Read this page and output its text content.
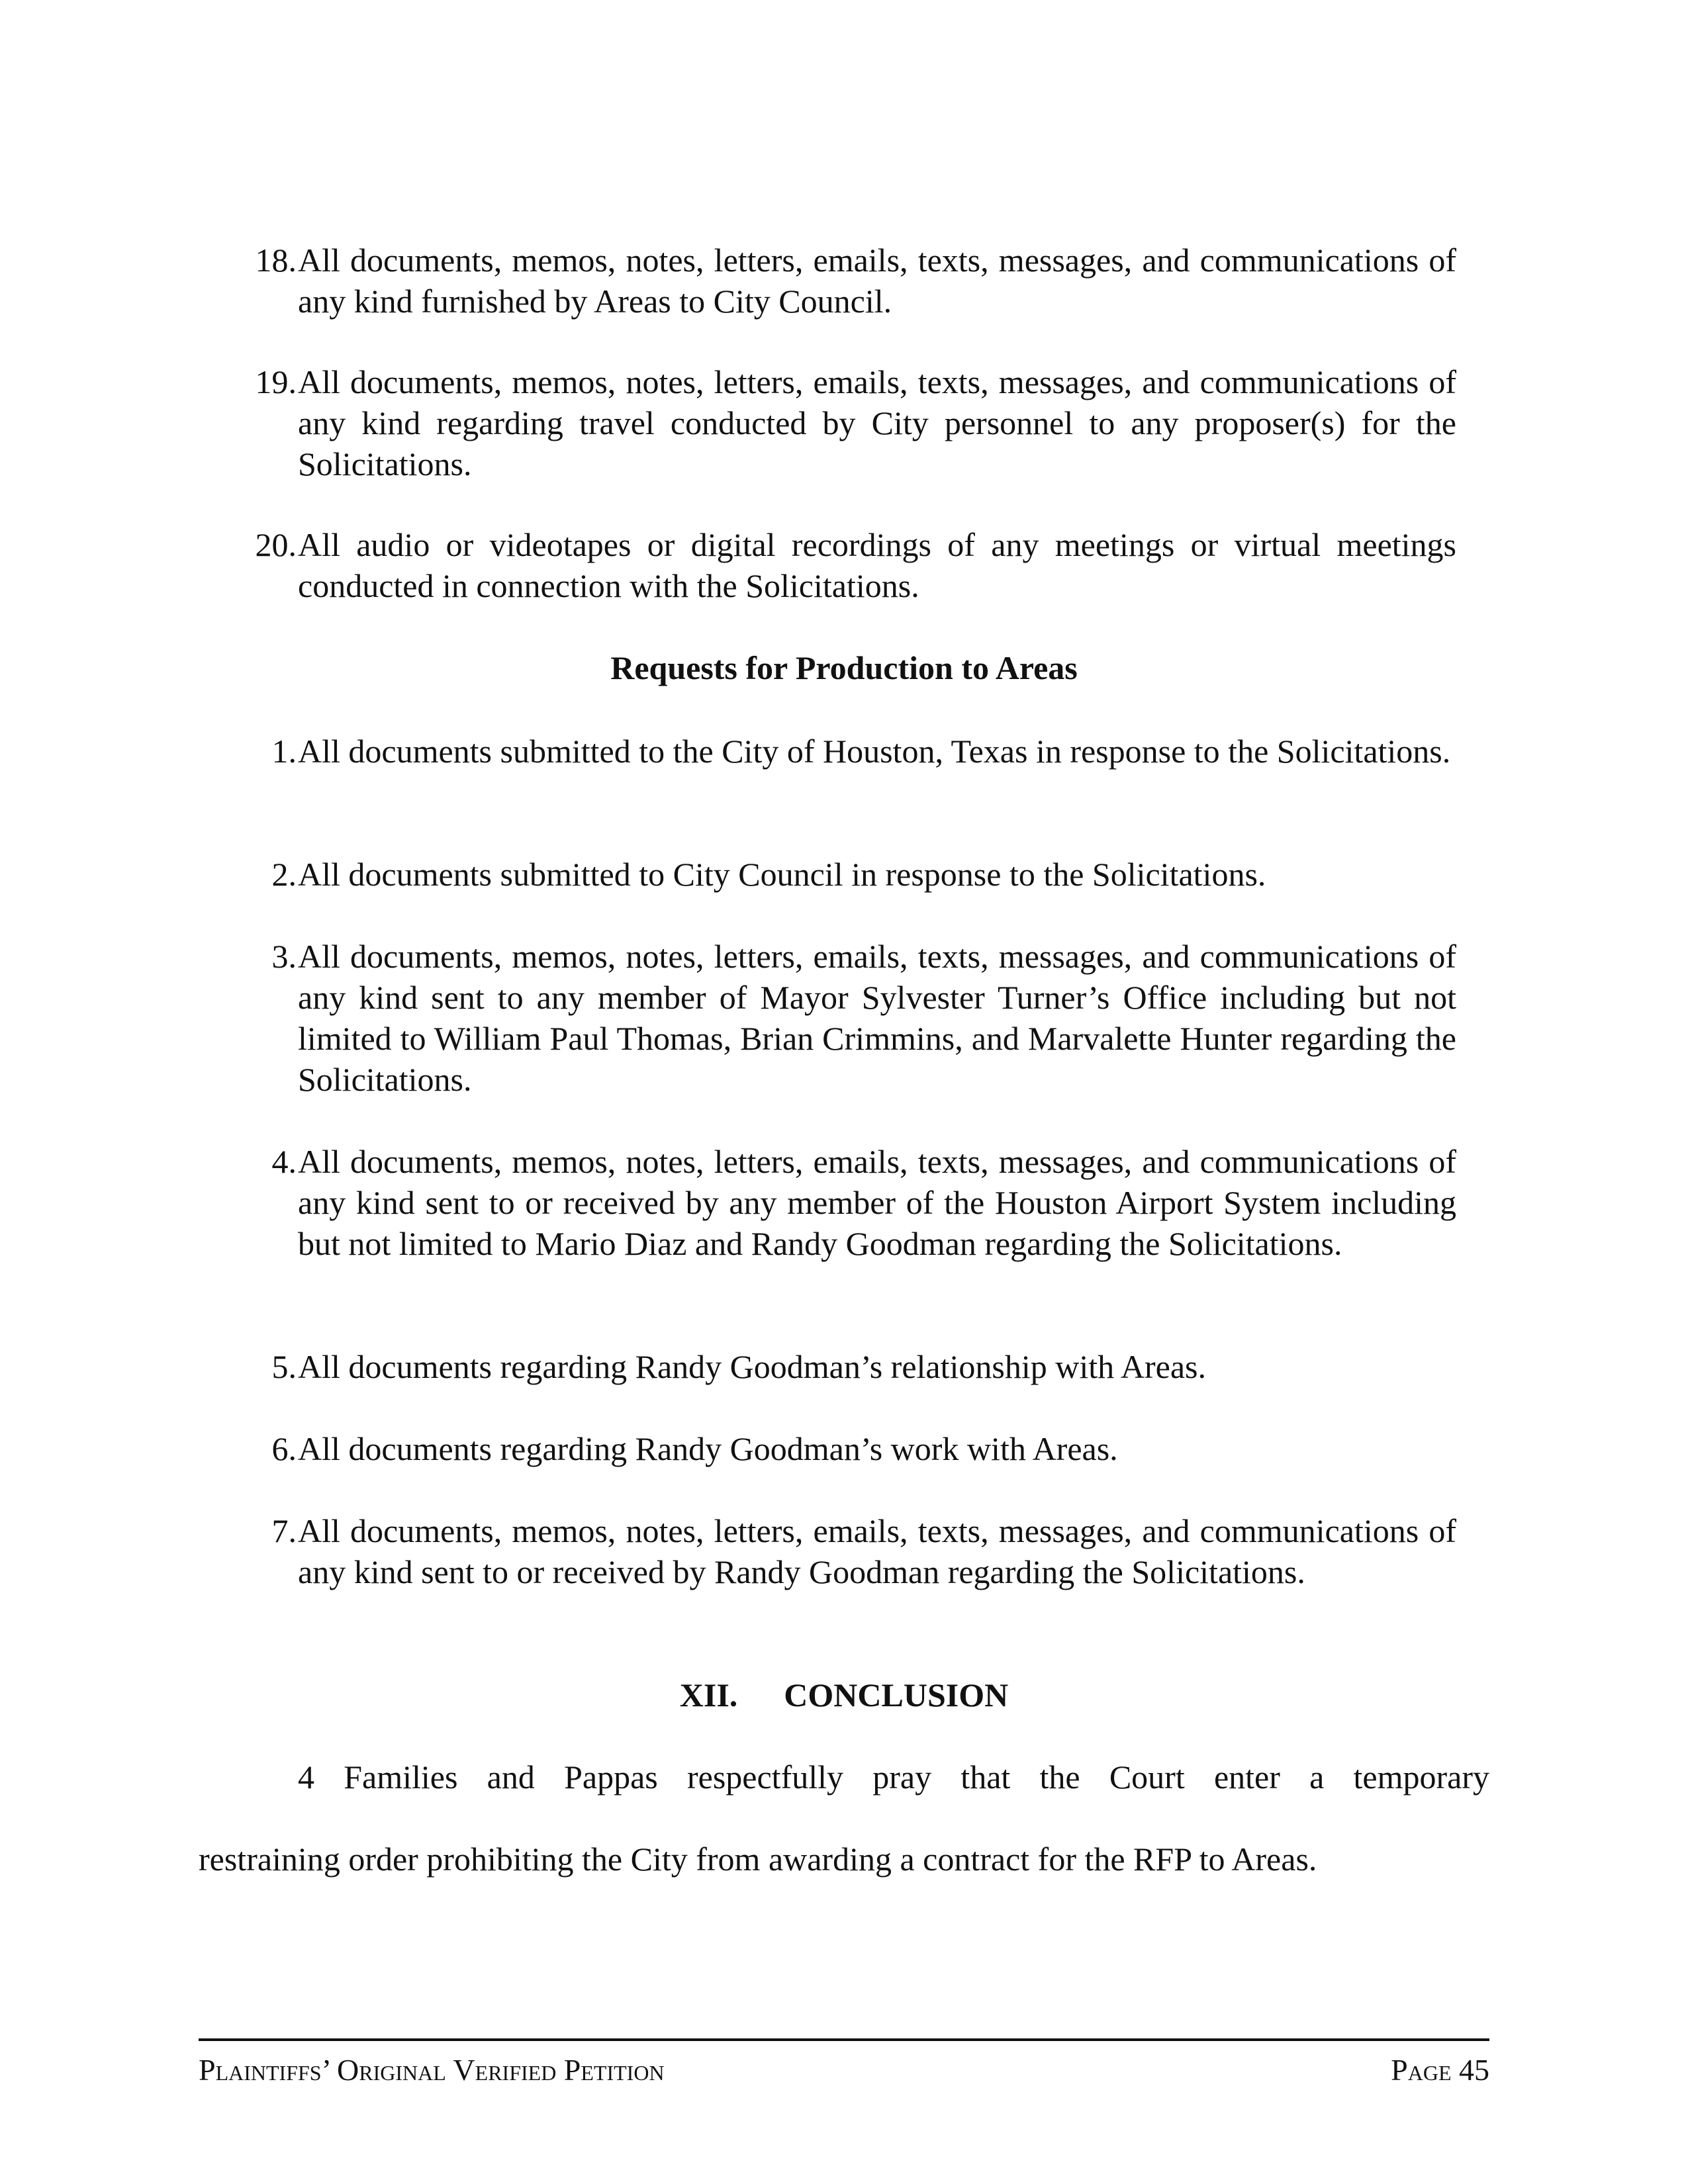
18. All documents, memos, notes, letters, emails, texts, messages, and communications of any kind furnished by Areas to City Council.
19. All documents, memos, notes, letters, emails, texts, messages, and communications of any kind regarding travel conducted by City personnel to any proposer(s) for the Solicitations.
20. All audio or videotapes or digital recordings of any meetings or virtual meetings conducted in connection with the Solicitations.
Requests for Production to Areas
1. All documents submitted to the City of Houston, Texas in response to the Solicitations.
2. All documents submitted to City Council in response to the Solicitations.
3. All documents, memos, notes, letters, emails, texts, messages, and communications of any kind sent to any member of Mayor Sylvester Turner’s Office including but not limited to William Paul Thomas, Brian Crimmins, and Marvalette Hunter regarding the Solicitations.
4. All documents, memos, notes, letters, emails, texts, messages, and communications of any kind sent to or received by any member of the Houston Airport System including but not limited to Mario Diaz and Randy Goodman regarding the Solicitations.
5. All documents regarding Randy Goodman’s relationship with Areas.
6. All documents regarding Randy Goodman’s work with Areas.
7. All documents, memos, notes, letters, emails, texts, messages, and communications of any kind sent to or received by Randy Goodman regarding the Solicitations.
XII. CONCLUSION
4 Families and Pappas respectfully pray that the Court enter a temporary
restraining order prohibiting the City from awarding a contract for the RFP to Areas.
Plaintiffs’ Original Verified Petition	Page 45
